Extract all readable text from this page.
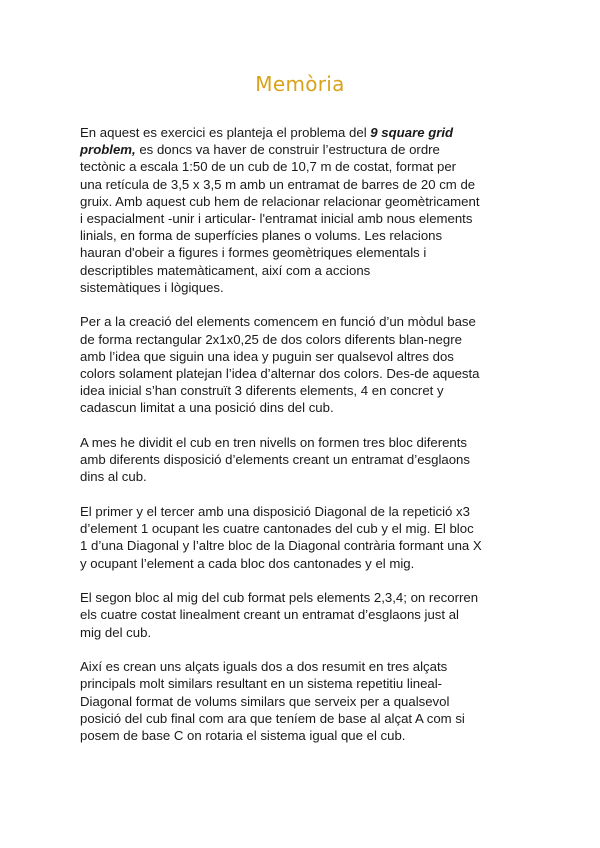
Memòria

En aquest es exercici es planteja el problema del 9 square grid
problem, es doncs va haver de construir l’estructura de ordre
tectònic a escala 1:50 de un cub de 10,7 m de costat, format per
una retícula de 3,5 x 3,5 m amb un entramat de barres de 20 cm de
gruix. Amb aquest cub hem de relacionar relacionar geomètricament
i espacialment -unir i articular- l'entramat inicial amb nous elements
linials, en forma de superfícies planes o volums. Les relacions
hauran d'obeir a figures i formes geomètriques elementals i
descriptibles matemàticament, així com a accions
sistemàtiques i lògiques.

Per a la creació del elements comencem en funció d’un mòdul base
de forma rectangular 2x1x0,25 de dos colors diferents blan-negre
amb l’idea que siguin una idea y puguin ser qualsevol altres dos
colors solament platejan l’idea d’alternar dos colors. Des-de aquesta
idea inicial s’han construït 3 diferents elements, 4 en concret y
cadascun limitat a una posició dins del cub.

A mes he dividit el cub en tren nivells on formen tres bloc diferents
amb diferents disposició d’elements creant un entramat d’esglaons
dins al cub.

El primer y el tercer amb una disposició Diagonal de la repetició x3
d’element 1 ocupant les cuatre cantonades del cub y el mig. El bloc
1 d’una Diagonal y l’altre bloc de la Diagonal contrària formant una X
y ocupant l’element a cada bloc dos cantonades y el mig.

El segon bloc al mig del cub format pels elements 2,3,4; on recorren
els cuatre costat linealment creant un entramat d’esglaons just al
mig del cub.

Així es crean uns alçats iguals dos a dos resumit en tres alçats
principals molt similars resultant en un sistema repetitiu lineal-
Diagonal format de volums similars que serveix per a qualsevol
posició del cub final com ara que teníem de base al alçat A com si
posem de base C on rotaria el sistema igual que el cub.
